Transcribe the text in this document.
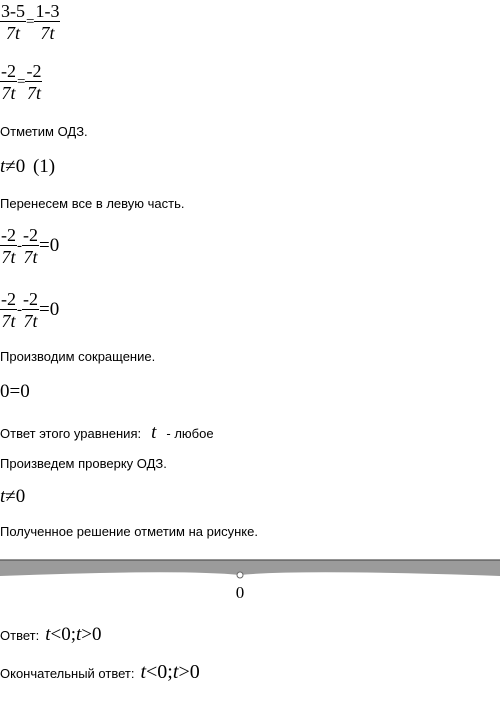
$\frac{3-5}{7t} = \frac{1-3}{7t}$
$\frac{-2}{7t} = \frac{-2}{7t}$
Отметим ОДЗ.
t≠0 (1)
Перенесем все в левую часть.
$\frac{-2}{7t} - \frac{-2}{7t} =0$
$\frac{-2}{7t} - \frac{-2}{7t} =0$
Производим сокращение.
0=0
Ответ этого уравнения: t - любое
Произведем проверку ОДЗ.
t≠0
Полученное решение отметим на рисунке.
0
Ответ: t<0;t>0
Окончательный ответ: t<0;t>0
